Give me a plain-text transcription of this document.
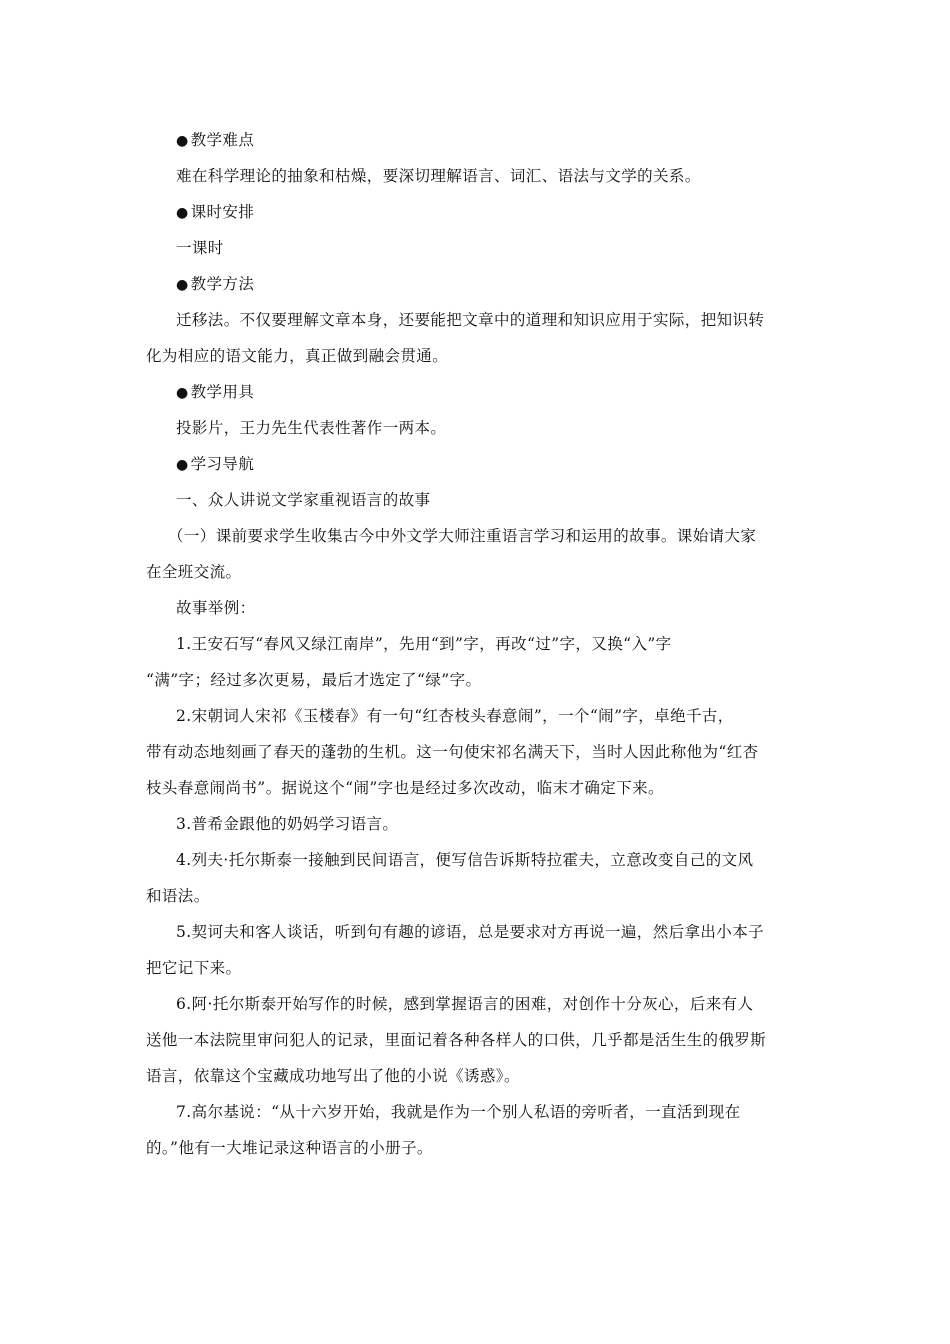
● 教学难点
难在科学理论的抽象和枯燥，要深切理解语言、词汇、语法与文学的关系。
● 课时安排
一课时
● 教学方法
迁移法。不仅要理解文章本身，还要能把文章中的道理和知识应用于实际，把知识转
化为相应的语文能力，真正做到融会贯通。
● 教学用具
投影片，王力先生代表性著作一两本。
● 学习导航
一、众人讲说文学家重视语言的故事
（一）课前要求学生收集古今中外文学大师注重语言学习和运用的故事。课始请大家
在全班交流。
故事举例：
1.王安石写“春风又绿江南岸”，先用“到”字，再改“过”字，又换“入”字
“满”字；经过多次更易，最后才选定了“绿”字。
2.宋朝词人宋祁《玉楼春》有一句“红杏枝头春意闹”，一个“闹”字，卓绝千古，
带有动态地刻画了春天的蓬勃的生机。这一句使宋祁名满天下，当时人因此称他为“红杏
枝头春意闹尚书”。据说这个“闹”字也是经过多次改动，临末才确定下来。
3.普希金跟他的奶妈学习语言。
4.列夫·托尔斯泰一接触到民间语言，便写信告诉斯特拉霍夫，立意改变自己的文风
和语法。
5.契诃夫和客人谈话，听到句有趣的谚语，总是要求对方再说一遍，然后拿出小本子
把它记下来。
6.阿·托尔斯泰开始写作的时候，感到掌握语言的困难，对创作十分灰心，后来有人
送他一本法院里审问犯人的记录，里面记着各种各样人的口供，几乎都是活生生的俄罗斯
语言，依靠这个宝藏成功地写出了他的小说《诱惑》。
7.高尔基说：“从十六岁开始，我就是作为一个别人私语的旁听者，一直活到现在
的。”他有一大堆记录这种语言的小册子。
